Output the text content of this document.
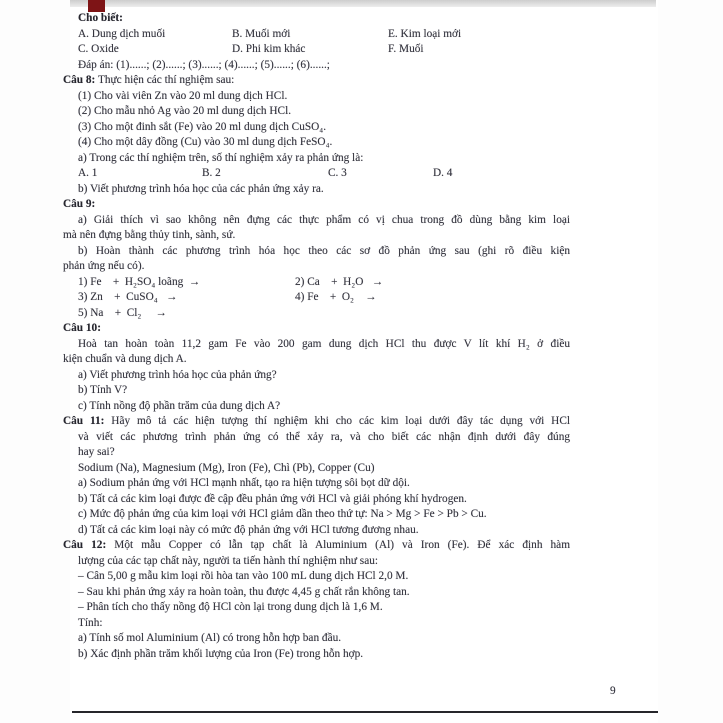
Cho biết:
A. Dung dịch muối	B. Muối mới	E. Kim loại mới
C. Oxide	D. Phi kim khác	F. Muối
Đáp án: (1)......; (2)......; (3)......; (4)......; (5)......; (6)......;
Câu 8: Thực hiện các thí nghiệm sau:
(1) Cho vài viên Zn vào 20 ml dung dịch HCl.
(2) Cho mẫu nhỏ Ag vào 20 ml dung dịch HCl.
(3) Cho một đinh sắt (Fe) vào 20 ml dung dịch CuSO₄.
(4) Cho một dây đồng (Cu) vào 30 ml dung dịch FeSO₄.
a) Trong các thí nghiệm trên, số thí nghiệm xảy ra phản ứng là:
A. 1	B. 2	C. 3	D. 4
b) Viết phương trình hóa học của các phản ứng xảy ra.
Câu 9:
a) Giải thích vì sao không nên đựng các thực phẩm có vị chua trong đồ dùng bằng kim loại
mà nên đựng bằng thủy tinh, sành, sứ.
b) Hoàn thành các phương trình hóa học theo các sơ đồ phản ứng sau (ghi rõ điều kiện
phản ứng nếu có).
1) Fe    +  H₂SO₄ loãng  →	2) Ca    +  H₂O   →
3) Zn    +  CuSO₄   →	4) Fe    +  O₂    →
5) Na    +  Cl₂     →
Câu 10:
Hoà tan hoàn toàn 11,2 gam Fe vào 200 gam dung dịch HCl thu được V lít khí H₂ ở điều
kiện chuẩn và dung dịch A.
a) Viết phương trình hóa học của phản ứng?
b) Tính V?
c) Tính nồng độ phần trăm của dung dịch A?
Câu 11: Hãy mô tả các hiện tượng thí nghiệm khi cho các kim loại dưới đây tác dụng với HCl
và viết các phương trình phản ứng có thể xảy ra, và cho biết các nhận định dưới đây đúng
hay sai?
Sodium (Na), Magnesium (Mg), Iron (Fe), Chì (Pb), Copper (Cu)
a) Sodium phản ứng với HCl mạnh nhất, tạo ra hiện tượng sôi bọt dữ dội.
b) Tất cả các kim loại được đề cập đều phản ứng với HCl và giải phóng khí hydrogen.
c) Mức độ phản ứng của kim loại với HCl giảm dần theo thứ tự: Na > Mg > Fe > Pb > Cu.
d) Tất cả các kim loại này có mức độ phản ứng với HCl tương đương nhau.
Câu 12: Một mẫu Copper có lẫn tạp chất là Aluminium (Al) và Iron (Fe). Để xác định hàm
lượng của các tạp chất này, người ta tiến hành thí nghiệm như sau:
– Cân 5,00 g mẫu kim loại rồi hòa tan vào 100 mL dung dịch HCl 2,0 M.
– Sau khi phản ứng xảy ra hoàn toàn, thu được 4,45 g chất rắn không tan.
– Phân tích cho thấy nồng độ HCl còn lại trong dung dịch là 1,6 M.
Tính:
a) Tính số mol Aluminium (Al) có trong hỗn hợp ban đầu.
b) Xác định phần trăm khối lượng của Iron (Fe) trong hỗn hợp.
9
